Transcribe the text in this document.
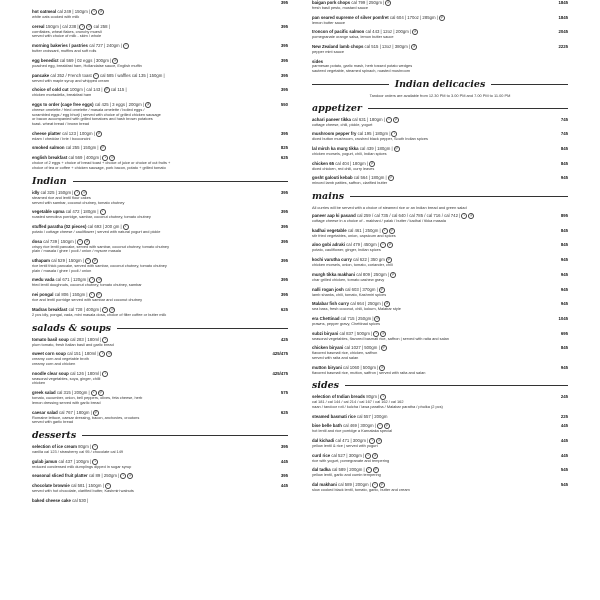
395
hot oatmeal cal 249 | 150gm |	v	gf
white oats cooked with milk
cereal 150gm | cal 238 |	v	gf cal 258 |
cornflakes, wheat flakes, crunchy muesli
served with choice of milk - skim / whole
395
morning bakeries / pastries cal 727 | 240gm |	v
butter croissant, muffins and soft rolls
395
egg benedict cal 569 | 02 eggs | 300gm |	gf
poached egg, breakfast ham, Hollandaise sauce, English muffin
395
pancake cal 352 / French toast	v cal 585 / waffles cal 135 | 150gm |
served with maple syrup and whipped cream
395
choice of cold cut 100gm | cal 143 |	gf cal 115 |
chicken mortadella, breakfast ham
395
eggs to order (cage free eggs) cal 425 | 3 eggs | 200gm |	gf
cheese omelette / fried omelette / masala omelette / boiled eggs /
scrambled eggs / egg bhurji | served with choice of grilled chicken sausage
or bacon accompanied with grilled tomatoes and hash brown potatoes
toast- wheat bread / brown bread
550
cheese platter cal 123 | 100gm |	gf
edam / cheddar / brie / bocconcini
395
smoked salmon cal 255 | 150gm |	gf	825
english breakfast cal 569 | 400gm |	v	gf
choice of 2 eggs + choice of bread toast + choice of juice or choice of cut fruits +
choice of tea or coffee + chicken sausage, pork bacon, potato + grilled tomato
625
Indian
idly cal 325 | 150gm |	v	gf
steamed rice and lentil flour cakes
served with sambar, coconut chutney, tomato chutney
395
vegetable upma cal 472 | 180gm |	v
roasted semolina porridge, sambar, coconut chutney, tomato chutney
395
stuffed paratha (02 pieces) cal 693 | 200 gm |	v
potato / cottage cheese / cauliflower | served with natural yogurt and pickle
395
dosa cal 739 | 150gm |	v	gf
crispy rice lentil pancake, served with sambar, coconut chutney, tomato chutney
plain / masala / ghee / podi / onion / mysore masala
395
uthapam cal 529 | 150gm |	v	gf
rice lentil thick pancake, served with sambar, coconut chutney, tomato chutney
plain / masala / ghee / podi / onion
395
medu vada cal 671 | 120gm |	v	gf
fried lentil doughnuts, coconut chutney, tomato chutney, sambar
395
nei pongal cal 806 | 150gm |	v	gf
rice and lentil porridge served with sambar and coconut chutney
395
Madras breakfast cal 728 | 400gm |	v	gf
2 pcs idly, pongal, vada, mini masala dosa, choice of filter coffee or butter milk
625
salads & soups
tomato basil soup cal 283 | 180ml |	v
plum tomato, fresh Italian basil and garlic bread
425
sweet corn soup cal 151 | 180ml |	v	gf
creamy corn and vegetable broth
creamy corn and chicken
425/475
noodle clear soup cal 126 | 180ml |	v
seasonal vegetables, soya, ginger, chilli
chicken
425/475
greek salad cal 315 | 200gm |	v	gf
tomato, cucumber, onion, bell peppers, olives, feta cheese, herb
lemon dressing served with garlic bread
575
caesar salad cal 767 | 180gm |	gf
Romaine lettuce, caesar dressing, bacon, anchovies, croutons
served with garlic bread
625
desserts
selection of ice cream 80gm |	v
vanilla cal 123 / strawberry cal 95 / chocolate cal 149
395
gulab jamun cal 437 | 100gm |	v
reduced condensed milk dumplings dipped in sugar syrup
445
seasonal sliced fruit platter cal 89 | 250gm |	v	gf	395
chocolate brownie cal 581 | 150gm |	v
served with hot chocolate, clarified butter, Kashmiri walnuts
445
baked cheese cake cal 530 |
baigan pork chops cal 799 | 250gm |	gf
fresh basil pesto, mustard sauce
1845
pan seared supreme of silver pomfret cal 604 | 170oz | 285gm |	gf
lemon butter sauce
1845
troncon of pacific salmon cal 443 | 12oz | 200gm |	gf
pomegranate orange salsa, lemon butter sauce
2045
New Zealand lamb chops cal 515 | 13oz | 380gm |	gf
pepper mint sauce
2225
sides
parmesan potato, garlic mash, herb tossed potato wedges
sauteed vegetable, steamed spinach, roasted mushroom
Indian delicacies
Tandoor orders are available from 12.30 PM to 3.00 PM and 7.00 PM to 11.00 PM
appetizer
achari paneer tikka cal 631 | 180gm |	v	gf
cottage cheese, chili, pickle, yogurt
745
mushroom pepper fry cal 195 | 180gm |	v
diced button mushroom, crushed black pepper, South Indian spices
745
lal mirch ka murg tikka cal 439 | 180gm |	gf
chicken morsels, yogurt, chili, Indian spices
845
chicken 65 cal 404 | 180gm |	gf
diced chicken, red chili, curry leaves
845
gosht galouti kebab cal 564 | 180gm |	gf
minced lamb patties, saffron, clarified butter
945
mains
All curries will be served with a choice of steamed rice or an Indian bread and green salad
paneer aap ki pasand cal 259 / cal 735 / cal 640 / cal 785 / cal 716 / cal 742 |	v	gf
cottage cheese in a choice of - makhani / palak / butter / kadhai / tikka masala
895
kadhai vegetable cal 461 | 250gm |	v	gf
stir fried vegetables, onion, capsicum and spices
845
aloo gobi adraki cal 479 | 450gm |	v	gf
potato, cauliflower, ginger, Indian spices
845
kochi varutha curry cal 622 | 350 gm	gf
chicken morsels, onion, tomato, coriander, chili
945
murgh tikka makhani cal 809 | 250gm |	gf
char grilled chicken, tomato cashew gravy
945
nalli rogan josh cal 603 | 370gm |	gf
lamb shanks, chili, tomato, Kashmiri spices
945
Malabar fish curry cal 664 | 250gm |	gf
sea bass, fresh coconut, chili, kokum, Malabar style
945
era Chettinad cal 715 | 250gm |	gf
prawns, pepper gravy, Chettinad spices
1045
subzi biryani cal 837 | 500gm |	v	gf
seasonal vegetables, flavored basmati rice, saffron | served with raita and salan
695
chicken biryani cal 1027 | 500gm |	gf
flavored basmati rice, chicken, saffron
served with raita and salan
845
mutton biryani cal 1060 | 500gm |	gf
flavored basmati rice, mutton, saffron | served with raita and salan
945
sides
selection of Indian breads 80gm |	v
cal 181 / cal 144 / cal 214 / cal 167 / cal 162 / cal 162
naan / tandoor roti / kulcha / lawa paratha / Malabar paratha / phulka (2 pcs)
245
steamed basmati rice cal 557 | 200gm	225
bise belle bath cal 469 | 300gm |	v	gf
hot lentil and rice porridge a Karnataka special
445
dal kichadi cal 471 | 300gm |	v	gf
yellow lentil & rice | served with yogurt
445
curd rice cal 527 | 300gm |	v	gf
rice with yogurt, pomegranate and tempering
445
dal tadka cal 589 | 200gm |	v	gf
yellow lentil, garlic and cumin tempering
545
dal makhani cal 589 | 200gm |	v	gf
slow cooked black lentil, tomato, garlic, butter and cream
545
